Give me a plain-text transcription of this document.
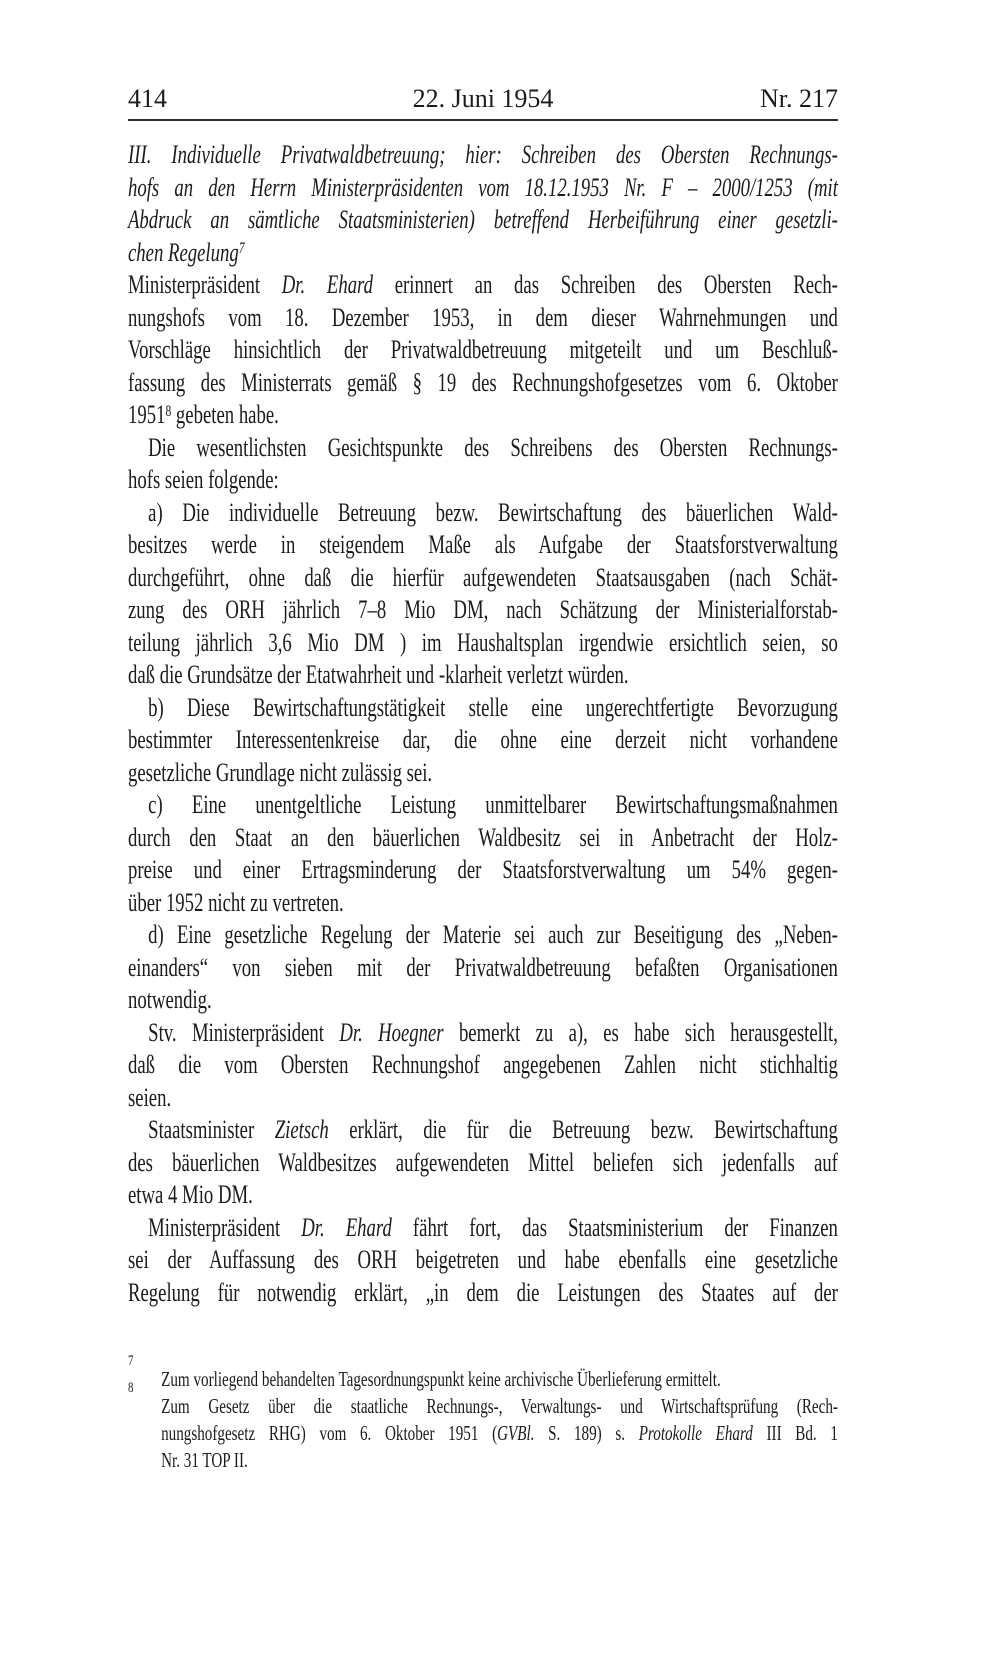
414	22. Juni 1954	Nr. 217
III. Individuelle Privatwaldbetreuung; hier: Schreiben des Obersten Rechnungs-
hofs an den Herrn Ministerpräsidenten vom 18.12.1953 Nr. F – 2000/1253 (mit
Abdruck an sämtliche Staatsministerien) betreffend Herbeiführung einer gesetzli-
chen Regelung$^7$
Ministerpräsident Dr. Ehard erinnert an das Schreiben des Obersten Rech-
nungshofs vom 18. Dezember 1953, in dem dieser Wahrnehmungen und
Vorschläge hinsichtlich der Privatwaldbetreuung mitgeteilt und um Beschluß-
fassung des Ministerrats gemäß § 19 des Rechnungshofgesetzes vom 6. Oktober
1951$^8$ gebeten habe.
Die wesentlichsten Gesichtspunkte des Schreibens des Obersten Rechnungs-
hofs seien folgende:
a) Die individuelle Betreuung bezw. Bewirtschaftung des bäuerlichen Wald-
besitzes werde in steigendem Maße als Aufgabe der Staatsforstverwaltung
durchgeführt, ohne daß die hierfür aufgewendeten Staatsausgaben (nach Schät-
zung des ORH jährlich 7–8 Mio DM, nach Schätzung der Ministerialforstab-
teilung jährlich 3,6 Mio DM ) im Haushaltsplan irgendwie ersichtlich seien, so
daß die Grundsätze der Etatwahrheit und -klarheit verletzt würden.
b) Diese Bewirtschaftungstätigkeit stelle eine ungerechtfertigte Bevorzugung
bestimmter Interessentenkreise dar, die ohne eine derzeit nicht vorhandene
gesetzliche Grundlage nicht zulässig sei.
c) Eine unentgeltliche Leistung unmittelbarer Bewirtschaftungsmaßnahmen
durch den Staat an den bäuerlichen Waldbesitz sei in Anbetracht der Holz-
preise und einer Ertragsminderung der Staatsforstverwaltung um 54% gegen-
über 1952 nicht zu vertreten.
d) Eine gesetzliche Regelung der Materie sei auch zur Beseitigung des „Neben-
einanders“ von sieben mit der Privatwaldbetreuung befaßten Organisationen
notwendig.
Stv. Ministerpräsident Dr. Hoegner bemerkt zu a), es habe sich herausgestellt,
daß die vom Obersten Rechnungshof angegebenen Zahlen nicht stichhaltig
seien.
Staatsminister Zietsch erklärt, die für die Betreuung bezw. Bewirtschaftung
des bäuerlichen Waldbesitzes aufgewendeten Mittel beliefen sich jedenfalls auf
etwa 4 Mio DM.
Ministerpräsident Dr. Ehard fährt fort, das Staatsministerium der Finanzen
sei der Auffassung des ORH beigetreten und habe ebenfalls eine gesetzliche
Regelung für notwendig erklärt, „in dem die Leistungen des Staates auf der
$^7$
Zum vorliegend behandelten Tagesordnungspunkt keine archivische Überlieferung ermittelt.
$^8$
Zum Gesetz über die staatliche Rechnungs-, Verwaltungs- und Wirtschaftsprüfung (Rech-
nungshofgesetz RHG) vom 6. Oktober 1951 (GVBl. S. 189) s. Protokolle Ehard III Bd. 1
Nr. 31 TOP II.
